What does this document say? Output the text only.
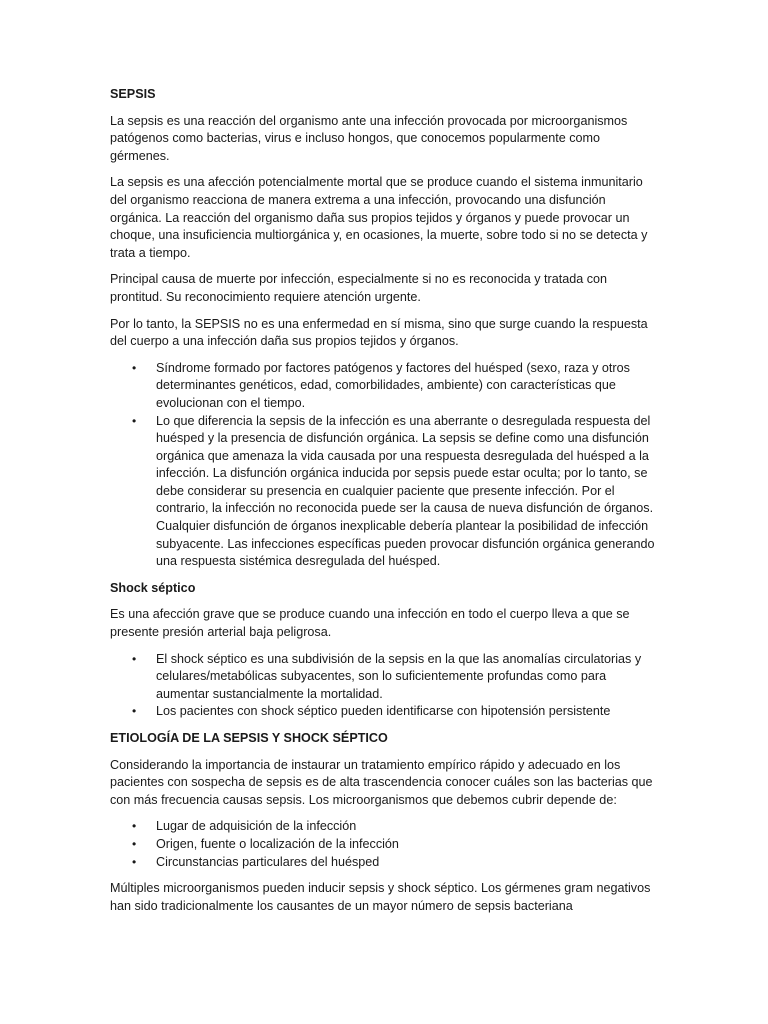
SEPSIS

La sepsis es una reacción del organismo ante una infección provocada por microorganismos patógenos como bacterias, virus e incluso hongos, que conocemos popularmente como gérmenes.

La sepsis es una afección potencialmente mortal que se produce cuando el sistema inmunitario del organismo reacciona de manera extrema a una infección, provocando una disfunción orgánica. La reacción del organismo daña sus propios tejidos y órganos y puede provocar un choque, una insuficiencia multiorgánica y, en ocasiones, la muerte, sobre todo si no se detecta y trata a tiempo.

Principal causa de muerte por infección, especialmente si no es reconocida y tratada con prontitud. Su reconocimiento requiere atención urgente.

Por lo tanto, la SEPSIS no es una enfermedad en sí misma, sino que surge cuando la respuesta del cuerpo a una infección daña sus propios tejidos y órganos.

• Síndrome formado por factores patógenos y factores del huésped (sexo, raza y otros determinantes genéticos, edad, comorbilidades, ambiente) con características que evolucionan con el tiempo.
• Lo que diferencia la sepsis de la infección es una aberrante o desregulada respuesta del huésped y la presencia de disfunción orgánica. La sepsis se define como una disfunción orgánica que amenaza la vida causada por una respuesta desregulada del huésped a la infección. La disfunción orgánica inducida por sepsis puede estar oculta; por lo tanto, se debe considerar su presencia en cualquier paciente que presente infección. Por el contrario, la infección no reconocida puede ser la causa de nueva disfunción de órganos. Cualquier disfunción de órganos inexplicable debería plantear la posibilidad de infección subyacente. Las infecciones específicas pueden provocar disfunción orgánica generando una respuesta sistémica desregulada del huésped.
Shock séptico

Es una afección grave que se produce cuando una infección en todo el cuerpo lleva a que se presente presión arterial baja peligrosa.

• El shock séptico es una subdivisión de la sepsis en la que las anomalías circulatorias y celulares/metabólicas subyacentes, son lo suficientemente profundas como para aumentar sustancialmente la mortalidad.
• Los pacientes con shock séptico pueden identificarse con hipotensión persistente
ETIOLOGÍA DE LA SEPSIS Y SHOCK SÉPTICO

Considerando la importancia de instaurar un tratamiento empírico rápido y adecuado en los pacientes con sospecha de sepsis es de alta trascendencia conocer cuáles son las bacterias que con más frecuencia causas sepsis. Los microorganismos que debemos cubrir depende de:

• Lugar de adquisición de la infección
• Origen, fuente o localización de la infección
• Circunstancias particulares del huésped

Múltiples microorganismos pueden inducir sepsis y shock séptico. Los gérmenes gram negativos han sido tradicionalmente los causantes de un mayor número de sepsis bacteriana
